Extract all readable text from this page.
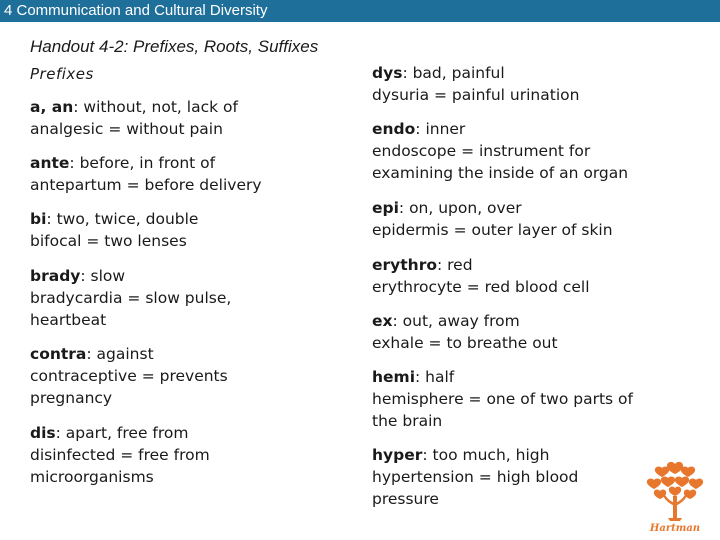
4 Communication and Cultural Diversity
Handout 4-2: Prefixes, Roots, Suffixes
Prefixes
a, an: without, not, lack of
analgesic = without pain
ante: before, in front of
antepartum = before delivery
bi: two, twice, double
bifocal = two lenses
brady: slow
bradycardia = slow pulse,
heartbeat
contra: against
contraceptive = prevents
pregnancy
dis: apart, free from
disinfected = free from
microorganisms
dys: bad, painful
dysuria = painful urination
endo: inner
endoscope = instrument for
examining the inside of an organ
epi: on, upon, over
epidermis = outer layer of skin
erythro: red
erythrocyte = red blood cell
ex: out, away from
exhale = to breathe out
hemi: half
hemisphere = one of two parts of
the brain
hyper: too much, high
hypertension = high blood
pressure
Hartman
